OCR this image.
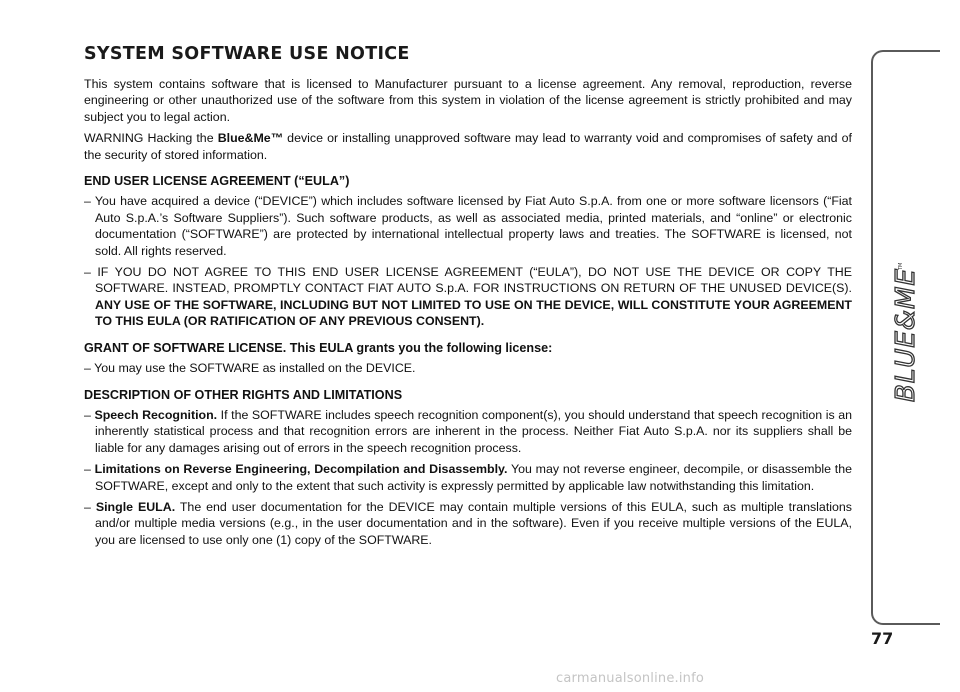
SYSTEM SOFTWARE USE NOTICE

This system contains software that is licensed to Manufacturer pursuant to a license agreement. Any removal, reproduction, reverse engineering or other unauthorized use of the software from this system in violation of the license agreement is strictly prohibited and may subject you to legal action.

WARNING Hacking the Blue&Me™ device or installing unapproved software may lead to warranty void and compromises of safety and of the security of stored information.

END USER LICENSE AGREEMENT (“EULA”)

– You have acquired a device (“DEVICE”) which includes software licensed by Fiat Auto S.p.A. from one or more software licensors (“Fiat Auto S.p.A.’s Software Suppliers”). Such software products, as well as associated media, printed materials, and “online” or electronic documentation (“SOFTWARE”) are protected by international intellectual property laws and treaties. The SOFTWARE is licensed, not sold. All rights reserved.

– IF YOU DO NOT AGREE TO THIS END USER LICENSE AGREEMENT (“EULA”), DO NOT USE THE DEVICE OR COPY THE SOFTWARE. INSTEAD, PROMPTLY CONTACT FIAT AUTO S.p.A. FOR INSTRUCTIONS ON RETURN OF THE UNUSED DEVICE(S). ANY USE OF THE SOFTWARE, INCLUDING BUT NOT LIMITED TO USE ON THE DEVICE, WILL CONSTITUTE YOUR AGREEMENT TO THIS EULA (OR RATIFICATION OF ANY PREVIOUS CONSENT).

GRANT OF SOFTWARE LICENSE. This EULA grants you the following license:

– You may use the SOFTWARE as installed on the DEVICE.

DESCRIPTION OF OTHER RIGHTS AND LIMITATIONS

– Speech Recognition. If the SOFTWARE includes speech recognition component(s), you should understand that speech recognition is an inherently statistical process and that recognition errors are inherent in the process. Neither Fiat Auto S.p.A. nor its suppliers shall be liable for any damages arising out of errors in the speech recognition process.

– Limitations on Reverse Engineering, Decompilation and Disassembly. You may not reverse engineer, decompile, or disassemble the SOFTWARE, except and only to the extent that such activity is expressly permitted by applicable law notwithstanding this limitation.

– Single EULA. The end user documentation for the DEVICE may contain multiple versions of this EULA, such as multiple translations and/or multiple media versions (e.g., in the user documentation and in the software). Even if you receive multiple versions of the EULA, you are licensed to use only one (1) copy of the SOFTWARE.

BLUE&ME
TM
77
carmanualsonline.info
